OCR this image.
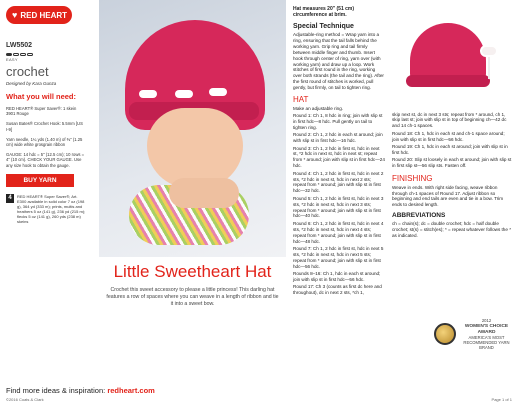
♥ RED HEART
LW5502
EASY
crochet
Designed by Kara Gunza
What you will need:
RED HEART® Super Saver®: 1 skein 3901 Rouge
Susan Bates® Crochet Hook: 5.5mm [US I-9]
Yarn needle, 1¼ yds (1.40 m) of ⅜" (1.25 cm) wide white grosgrain ribbon
GAUGE: 14 hdc = 5" (12.5 cm); 10 rows = 4" (10 cm). CHECK YOUR GAUGE. Use any size hook to obtain the gauge.
BUY YARN
4	RED HEART® Super Saver®, Art. E300 available in solid color 7 oz (198 g), 364 yd (333 m); prints, multis and heathers 5 oz (141 g), 236 yd (215 m); flecks 5 oz (141 g), 260 yds (238 m) skeins
Little Sweetheart Hat
Crochet this sweet accessory to please a little princess! This darling hat features a row of spaces where you can weave in a length of ribbon and tie it into a sweet bow.

Hat measures 20" (51 cm) circumference at brim.

Special Technique

Adjustable-ring method = Wrap yarn into a ring, ensuring that the tail falls behind the working yarn. Grip ring and tail firmly between middle finger and thumb. Insert hook through center of ring, yarn over (with working yarn) and draw up a loop. Work stitches of first round in the ring, working over both strands (the tail and the ring). After the first round of stitches is worked, pull gently, but firmly, on tail to tighten ring.

HAT

Make an adjustable ring.

Round 1: Ch 1, 8 hdc in ring; join with slip st in first hdc—8 hdc. Pull gently on tail to tighten ring.

Round 2: Ch 1, 2 hdc in each st around; join with slip st in first hdc—16 hdc.

Round 3: Ch 1, 2 hdc in first st, hdc in next st, *2 hdc in next st, hdc in next st; repeat from * around; join with slip st in first hdc—24 hdc.

Round 4: Ch 1, 2 hdc in first st, hdc in next 2 sts, *2 hdc in next st, hdc in next 2 sts; repeat from * around; join with slip st in first hdc—32 hdc.

Round 5: Ch 1, 2 hdc in first st, hdc in next 3 sts, *2 hdc in next st, hdc in next 3 sts; repeat from * around; join with slip st in first hdc—40 hdc.

Round 6: Ch 1, 2 hdc in first st, hdc in next 4 sts, *2 hdc in next st, hdc in next 4 sts; repeat from * around; join with slip st in first hdc—48 hdc.

Round 7: Ch 1, 2 hdc in first st, hdc in next 5 sts, *2 hdc in next st, hdc in next 5 sts; repeat from * around; join with slip st in first hdc—56 hdc.

Rounds 8–16: Ch 1, hdc in each st around; join with slip st in first hdc—56 hdc.

Round 17: Ch 3 (counts as first dc here and throughout), dc in next 2 sts, *ch 1,

skip next st, dc in next 3 sts; repeat from * around, ch 1, skip last st; join with slip st in top of beginning ch—42 dc and 14 ch-1 spaces.

Round 18: Ch 1, hdc in each st and ch-1 space around; join with slip st in first hdc—56 hdc.

Round 19: Ch 1, hdc in each st around; join with slip st in first hdc.

Round 20: Slip st loosely in each st around; join with slip st in first slip st—56 slip sts. Fasten off.

FINISHING

Weave in ends. With right side facing, weave ribbon through ch-1 spaces of Round 17. Adjust ribbon so beginning and end tails are even and tie in a bow. Trim ends to desired length.

ABBREVIATIONS

ch = chain(s); dc = double crochet; hdc = half double crochet; st(s) = stitch(es); * = repeat whatever follows the * as indicated.

2012
WOMEN'S CHOICE AWARD
AMERICA'S MOST RECOMMENDED YARN BRAND
Find more ideas & inspiration: redheart.com
©2016 Coats & Clark	Page 1 of 1
